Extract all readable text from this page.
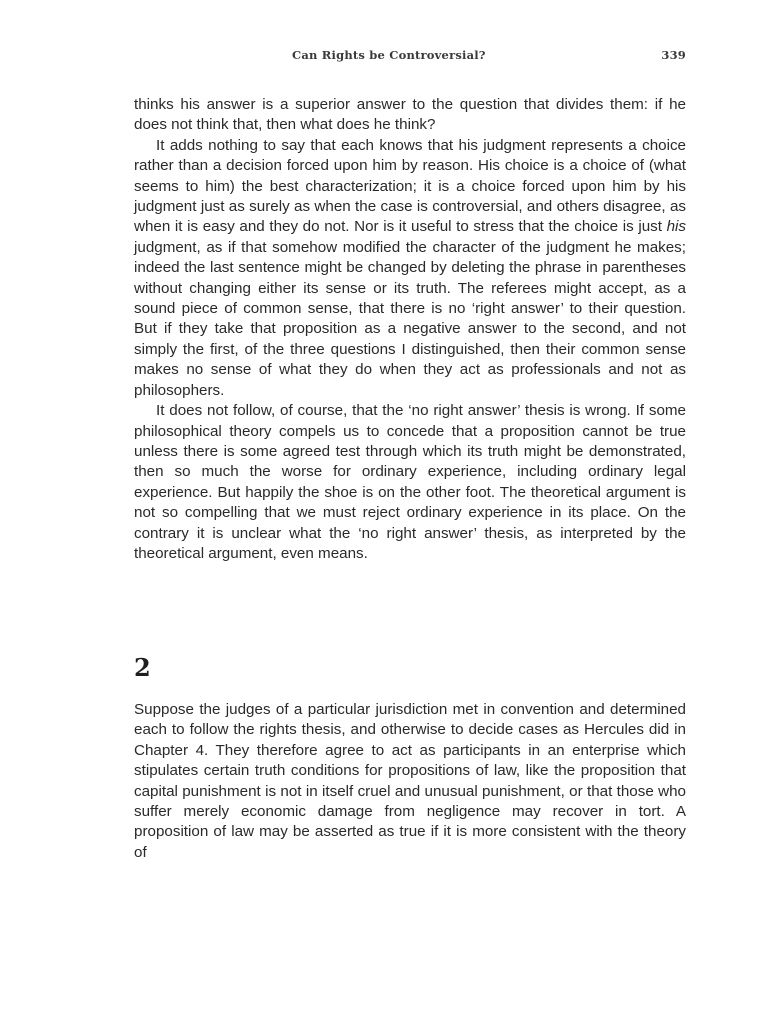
Can Rights be Controversial?	339

thinks his answer is a superior answer to the question that divides them: if he does not think that, then what does he think?

It adds nothing to say that each knows that his judgment represents a choice rather than a decision forced upon him by reason. His choice is a choice of (what seems to him) the best characterization; it is a choice forced upon him by his judgment just as surely as when the case is controversial, and others disagree, as when it is easy and they do not. Nor is it useful to stress that the choice is just his judgment, as if that somehow modified the character of the judgment he makes; indeed the last sentence might be changed by deleting the phrase in parentheses without changing either its sense or its truth. The referees might accept, as a sound piece of common sense, that there is no ‘right answer’ to their question. But if they take that proposition as a negative answer to the second, and not simply the first, of the three questions I distinguished, then their common sense makes no sense of what they do when they act as professionals and not as philosophers.

It does not follow, of course, that the ‘no right answer’ thesis is wrong. If some philosophical theory compels us to concede that a proposition cannot be true unless there is some agreed test through which its truth might be demonstrated, then so much the worse for ordinary experience, including ordinary legal experience. But happily the shoe is on the other foot. The theoretical argument is not so compelling that we must reject ordinary experience in its place. On the contrary it is unclear what the ‘no right answer’ thesis, as interpreted by the theoretical argument, even means.

2

Suppose the judges of a particular jurisdiction met in convention and determined each to follow the rights thesis, and otherwise to decide cases as Hercules did in Chapter 4. They therefore agree to act as participants in an enterprise which stipulates certain truth conditions for propositions of law, like the proposition that capital punishment is not in itself cruel and unusual punishment, or that those who suffer merely economic damage from negligence may recover in tort. A proposition of law may be asserted as true if it is more consistent with the theory of
